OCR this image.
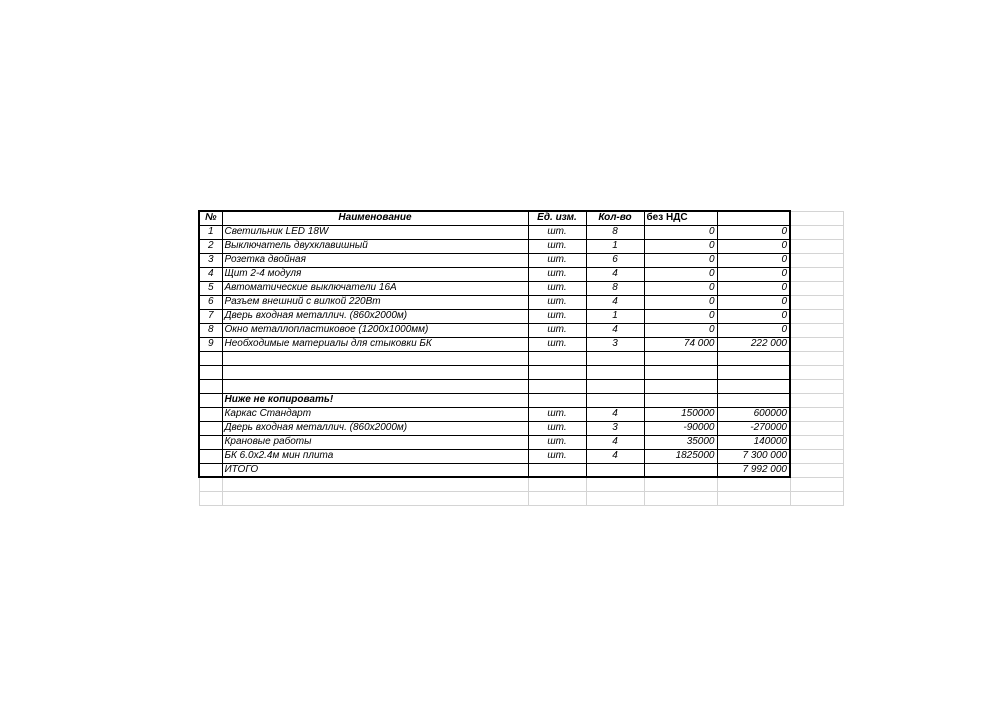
№	Наименование	Ед. изм.	Кол-во	без НДС		
1	Светильник LED 18W	шт.	8	0	0	
2	Выключатель двухклавишный	шт.	1	0	0	
3	Розетка двойная	шт.	6	0	0	
4	Щит 2-4 модуля	шт.	4	0	0	
5	Автоматические выключатели 16А	шт.	8	0	0	
6	Разъем внешний с вилкой 220Вт	шт.	4	0	0	
7	Дверь входная металлич. (860х2000м)	шт.	1	0	0	
8	Окно металлопластиковое (1200х1000мм)	шт.	4	0	0	
9	Необходимые материалы для стыковки БК	шт.	3	74 000	222 000	

	Ниже не копировать!					
	Каркас Стандарт	шт.	4	150000	600000	
	Дверь входная металлич. (860х2000м)	шт.	3	-90000	-270000	
	Крановые работы	шт.	4	35000	140000	
	БК 6.0х2.4м мин плита	шт.	4	1825000	7 300 000	
	ИТОГО				7 992 000	
